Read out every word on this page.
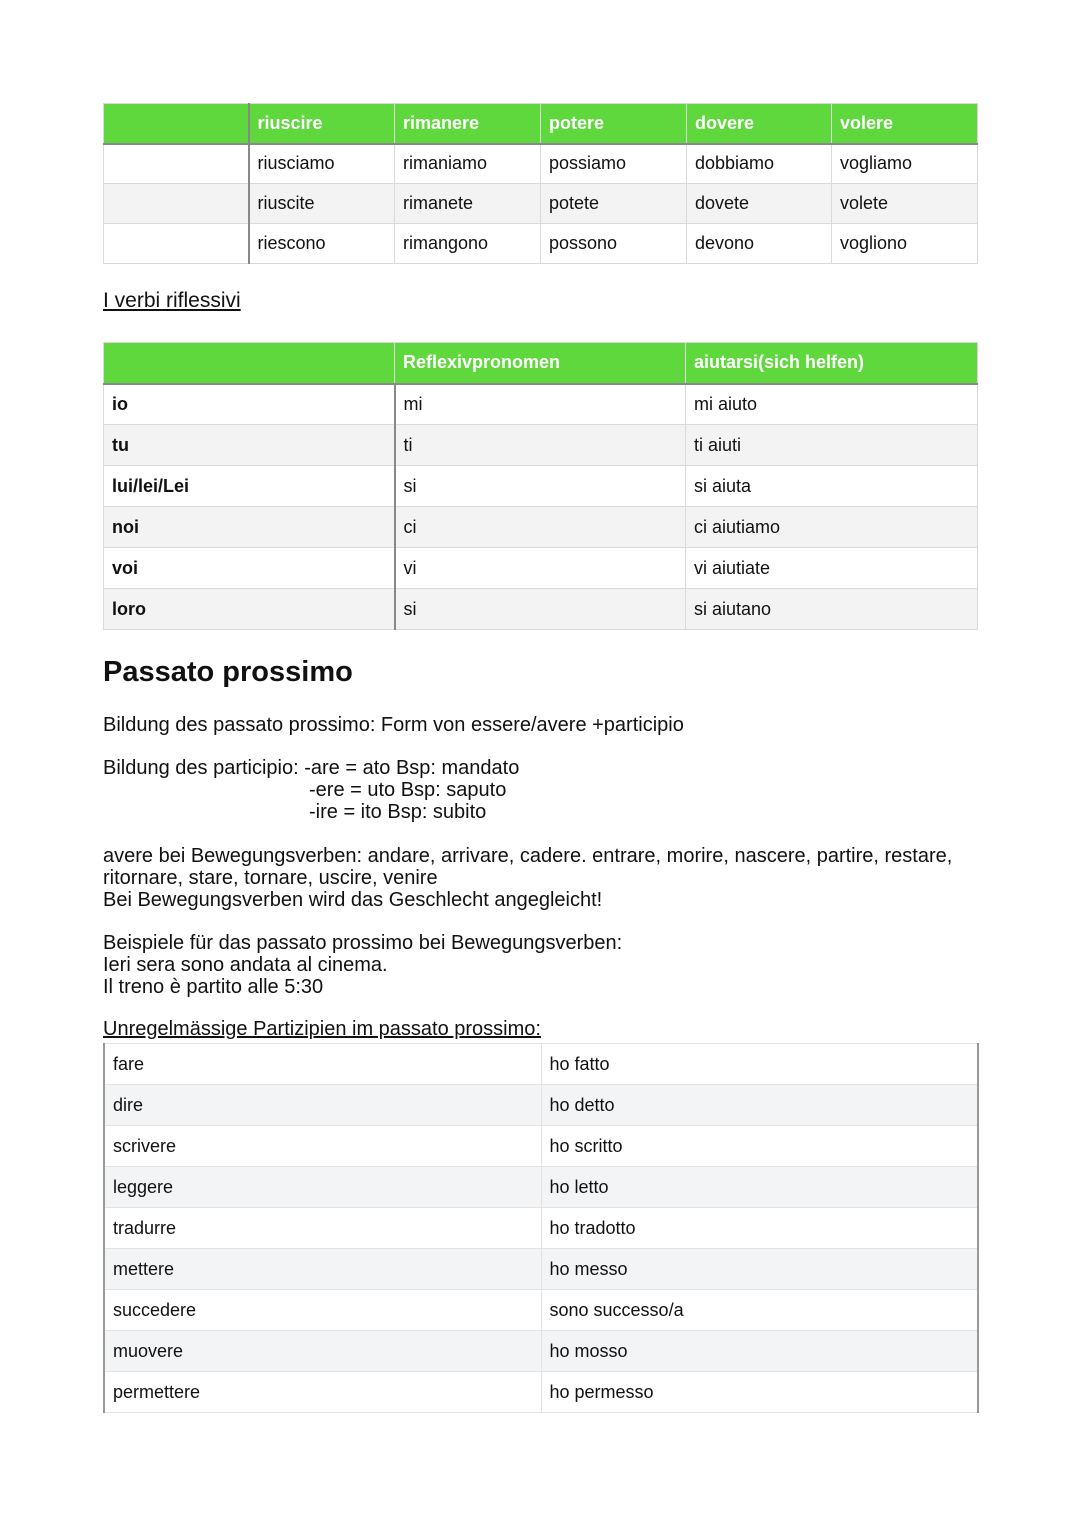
	riuscire	rimanere	potere	dovere	volere
	riusciamo	rimaniamo	possiamo	dobbiamo	vogliamo
	riuscite	rimanete	potete	dovete	volete
	riescono	rimangono	possono	devono	vogliono
I verbi riflessivi
	Reflexivpronomen	aiutarsi(sich helfen)
io	mi	mi aiuto
tu	ti	ti aiuti
lui/lei/Lei	si	si aiuta
noi	ci	ci aiutiamo
voi	vi	vi aiutiate
loro	si	si aiutano
Passato prossimo

Bildung des passato prossimo: Form von essere/avere +participio

Bildung des participio: -are = ato Bsp: mandato
-ere = uto Bsp: saputo
-ire = ito Bsp: subito

avere bei Bewegungsverben: andare, arrivare, cadere. entrare, morire, nascere, partire, restare,
ritornare, stare, tornare, uscire, venire
Bei Bewegungsverben wird das Geschlecht angegleicht!

Beispiele für das passato prossimo bei Bewegungsverben:
Ieri sera sono andata al cinema.
Il treno è partito alle 5:30

Unregelmässige Partizipien im passato prossimo:
fare	ho fatto
dire	ho detto
scrivere	ho scritto
leggere	ho letto
tradurre	ho tradotto
mettere	ho messo
succedere	sono successo/a
muovere	ho mosso
permettere	ho permesso
